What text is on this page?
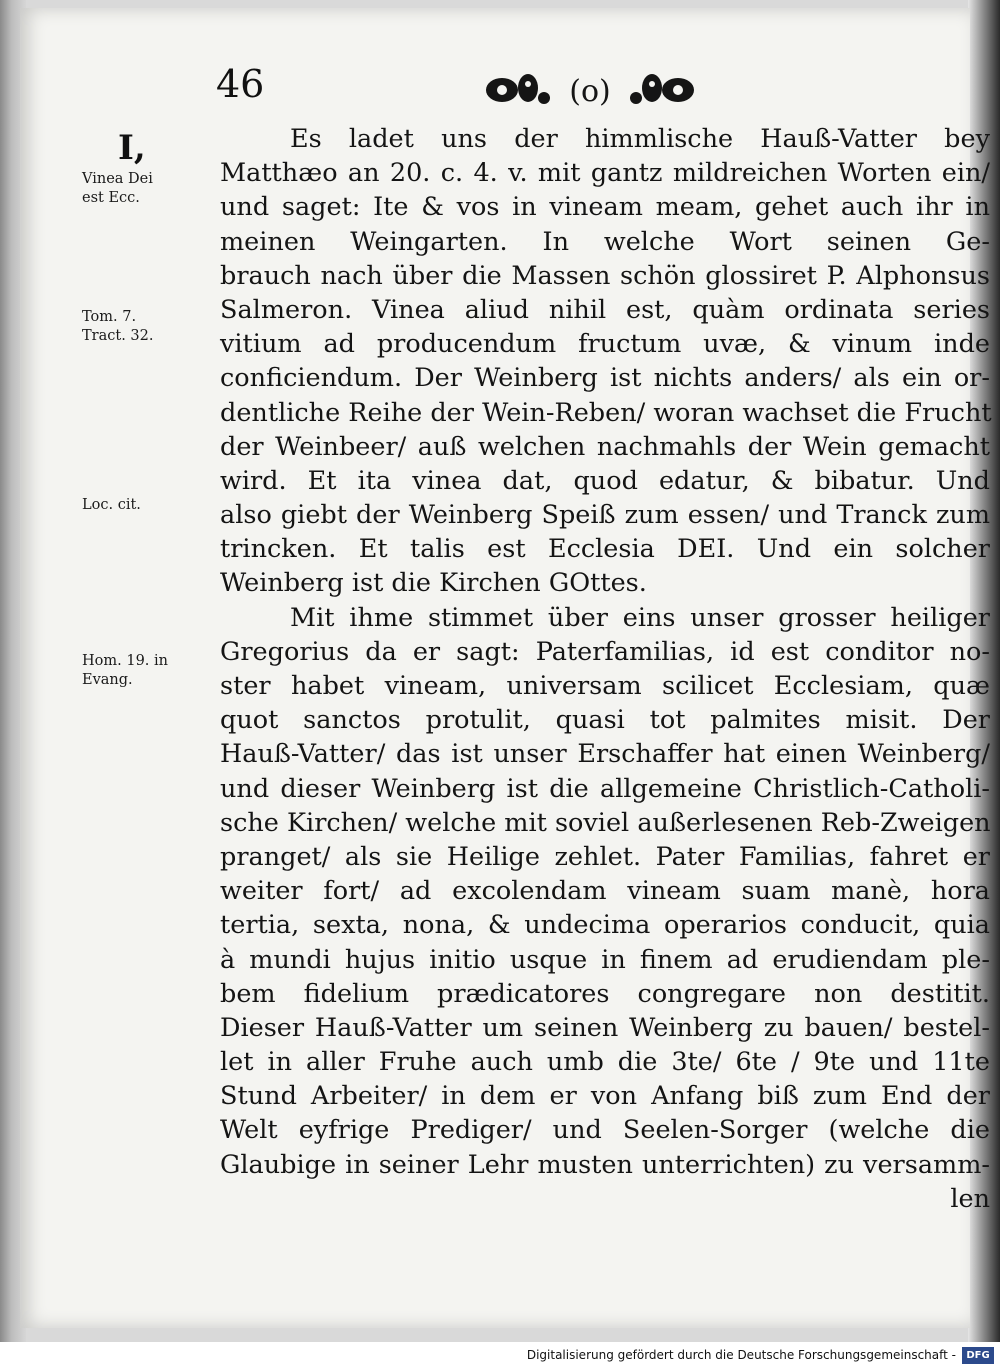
46	(o)
I,
Vinea Dei
est Ecc.
Tom. 7.
Tract. 32.
Loc. cit.
Hom. 19. in
Evang.
Es ladet uns der himmlische Hauß-Vatter bey
Matthæo an 20. c. 4. v. mit gantz mildreichen Worten ein/
und saget: Ite & vos in vineam meam, gehet auch ihr in
meinen Weingarten. In welche Wort seinen Ge-
brauch nach über die Massen schön glossiret P. Alphonsus
Salmeron. Vinea aliud nihil est, quàm ordinata series
vitium ad producendum fructum uvæ, & vinum inde
conficiendum. Der Weinberg ist nichts anders/ als ein or-
dentliche Reihe der Wein-Reben/ woran wachset die Frucht
der Weinbeer/ auß welchen nachmahls der Wein gemacht
wird. Et ita vinea dat, quod edatur, & bibatur. Und
also giebt der Weinberg Speiß zum essen/ und Tranck zum
trincken. Et talis est Ecclesia DEI. Und ein solcher
Weinberg ist die Kirchen GOttes.
Mit ihme stimmet über eins unser grosser heiliger
Gregorius da er sagt: Paterfamilias, id est conditor no-
ster habet vineam, universam scilicet Ecclesiam, quæ
quot sanctos protulit, quasi tot palmites misit. Der
Hauß-Vatter/ das ist unser Erschaffer hat einen Weinberg/
und dieser Weinberg ist die allgemeine Christlich-Catholi-
sche Kirchen/ welche mit soviel außerlesenen Reb-Zweigen
pranget/ als sie Heilige zehlet. Pater Familias, fahret er
weiter fort/ ad excolendam vineam suam manè, hora
tertia, sexta, nona, & undecima operarios conducit, quia
à mundi hujus initio usque in finem ad erudiendam ple-
bem fidelium prædicatores congregare non destitit.
Dieser Hauß-Vatter um seinen Weinberg zu bauen/ bestel-
let in aller Fruhe auch umb die 3te/ 6te / 9te und 11te
Stund Arbeiter/ in dem er von Anfang biß zum End der
Welt eyfrige Prediger/ und Seelen-Sorger (welche die
Glaubige in seiner Lehr musten unterrichten) zu versamm-
len
Digitalisierung gefördert durch die Deutsche Forschungsgemeinschaft -	DFG
